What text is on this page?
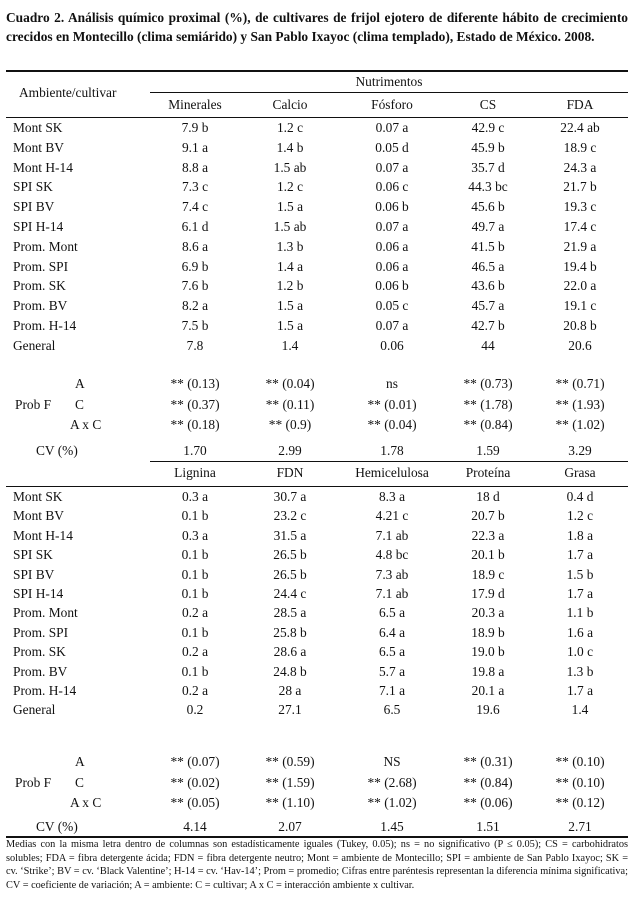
Cuadro 2. Análisis químico proximal (%), de cultivares de frijol ejotero de diferente hábito de crecimiento crecidos en Montecillo (clima semiárido) y San Pablo Ixayoc (clima templado), Estado de México. 2008.
Ambiente/cultivar
Nutrimentos
Minerales	Calcio	Fósforo	CS	FDA
Mont SK	7.9 b	1.2 c	0.07 a	42.9 c	22.4 ab
Mont BV	9.1 a	1.4 b	0.05 d	45.9 b	18.9 c
Mont H-14	8.8 a	1.5 ab	0.07 a	35.7 d	24.3 a
SPI SK	7.3 c	1.2 c	0.06 c	44.3 bc	21.7 b
SPI BV	7.4 c	1.5 a	0.06 b	45.6 b	19.3 c
SPI H-14	6.1 d	1.5 ab	0.07 a	49.7 a	17.4 c
Prom. Mont	8.6 a	1.3 b	0.06 a	41.5 b	21.9 a
Prom. SPI	6.9 b	1.4 a	0.06 a	46.5 a	19.4 b
Prom. SK	7.6 b	1.2 b	0.06 b	43.6 b	22.0 a
Prom. BV	8.2 a	1.5 a	0.05 c	45.7 a	19.1 c
Prom. H-14	7.5 b	1.5 a	0.07 a	42.7 b	20.8 b
General	7.8	1.4	0.06	44	20.6
Prob F
A	** (0.13)	** (0.04)	ns	** (0.73)	** (0.71)
C	** (0.37)	** (0.11)	** (0.01)	** (1.78)	** (1.93)
A x C	** (0.18)	** (0.9)	** (0.04)	** (0.84)	** (1.02)
CV (%)	1.70	2.99	1.78	1.59	3.29
Lignina	FDN	Hemicelulosa	Proteína	Grasa
Mont SK	0.3 a	30.7 a	8.3 a	18 d	0.4 d
Mont BV	0.1 b	23.2 c	4.21 c	20.7 b	1.2 c
Mont H-14	0.3 a	31.5 a	7.1 ab	22.3 a	1.8 a
SPI SK	0.1 b	26.5 b	4.8 bc	20.1 b	1.7 a
SPI BV	0.1 b	26.5 b	7.3 ab	18.9 c	1.5 b
SPI H-14	0.1 b	24.4 c	7.1 ab	17.9 d	1.7 a
Prom. Mont	0.2 a	28.5 a	6.5 a	20.3 a	1.1 b
Prom. SPI	0.1 b	25.8 b	6.4 a	18.9 b	1.6 a
Prom. SK	0.2 a	28.6 a	6.5 a	19.0 b	1.0 c
Prom. BV	0.1 b	24.8 b	5.7 a	19.8 a	1.3 b
Prom. H-14	0.2 a	28 a	7.1 a	20.1 a	1.7 a
General	0.2	27.1	6.5	19.6	1.4
Prob F
A	** (0.07)	** (0.59)	NS	** (0.31)	** (0.10)
C	** (0.02)	** (1.59)	** (2.68)	** (0.84)	** (0.10)
A x C	** (0.05)	** (1.10)	** (1.02)	** (0.06)	** (0.12)
CV (%)	4.14	2.07	1.45	1.51	2.71
Medias con la misma letra dentro de columnas son estadísticamente iguales (Tukey, 0.05); ns = no significativo (P ≤ 0.05); CS = carbohidratos solubles; FDA = fibra detergente ácida; FDN = fibra detergente neutro; Mont = ambiente de Montecillo; SPI = ambiente de San Pablo Ixayoc; SK = cv. ‘Strike’; BV = cv. ‘Black Valentine’; H-14 = cv. ‘Hav-14’; Prom = promedio; Cifras entre paréntesis representan la diferencia mínima significativa; CV = coeficiente de variación; A = ambiente: C = cultivar; A x C = interacción ambiente x cultivar.
